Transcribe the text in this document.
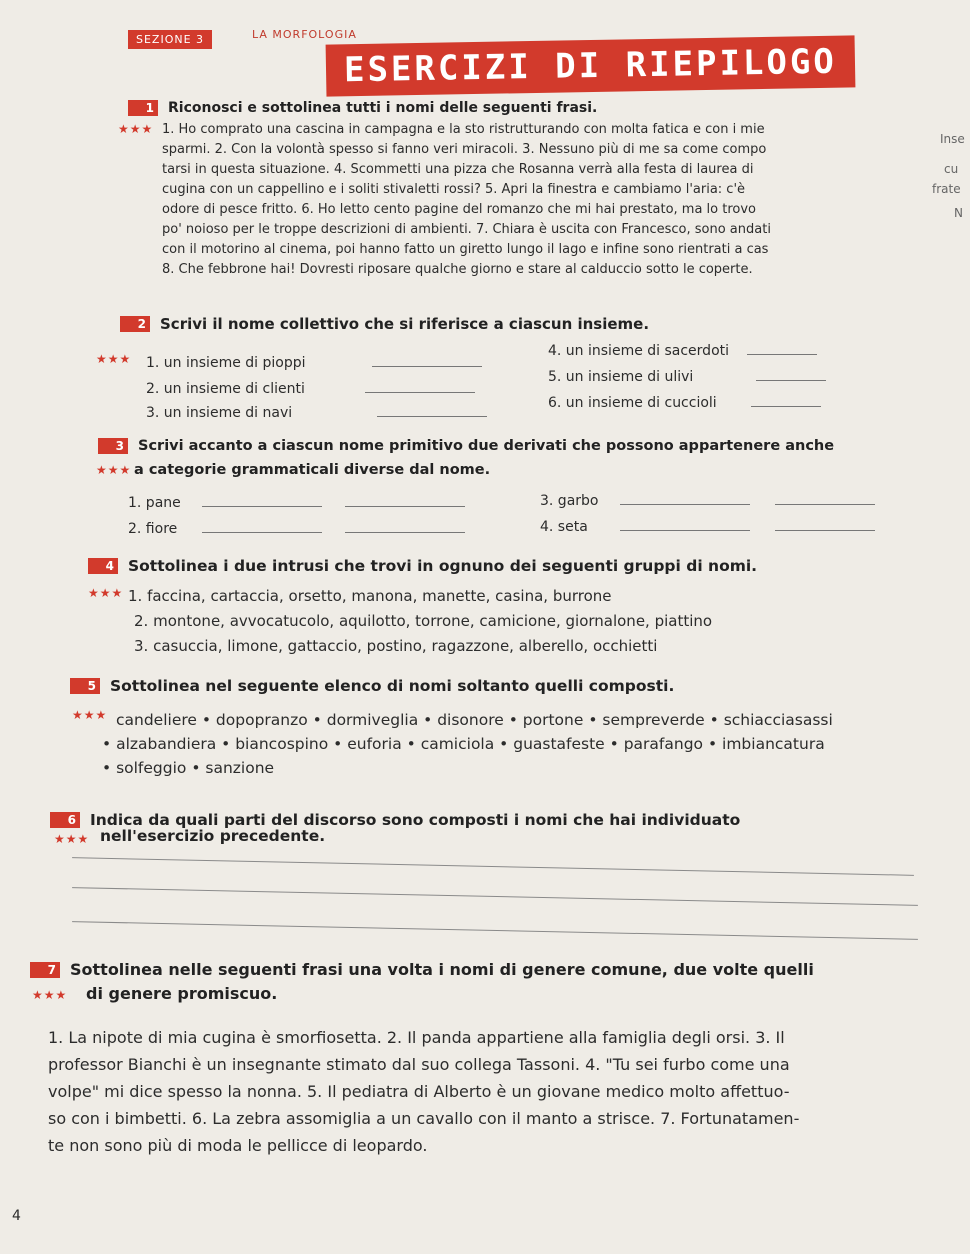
SEZIONE 3	LA MORFOLOGIA
ESERCIZI DI RIEPILOGO
1 Riconosci e sottolinea tutti i nomi delle seguenti frasi.
★★★ 1. Ho comprato una cascina in campagna e la sto ristrutturando con molta fatica e con i mie
sparmi. 2. Con la volontà spesso si fanno veri miracoli. 3. Nessuno più di me sa come compo
tarsi in questa situazione. 4. Scommetti una pizza che Rosanna verrà alla festa di laurea di
cugina con un cappellino e i soliti stivaletti rossi? 5. Apri la finestra e cambiamo l'aria: c'è
odore di pesce fritto. 6. Ho letto cento pagine del romanzo che mi hai prestato, ma lo trovo
po' noioso per le troppe descrizioni di ambienti. 7. Chiara è uscita con Francesco, sono andati
con il motorino al cinema, poi hanno fatto un giretto lungo il lago e infine sono rientrati a cas
8. Che febbrone hai! Dovresti riposare qualche giorno e stare al calduccio sotto le coperte.
Inse
cu
frate
N
2 Scrivi il nome collettivo che si riferisce a ciascun insieme.
★★★ 1. un insieme di pioppi
2. un insieme di clienti
3. un insieme di navi
4. un insieme di sacerdoti
5. un insieme di ulivi
6. un insieme di cuccioli
3 Scrivi accanto a ciascun nome primitivo due derivati che possono appartenere anche
★★★ a categorie grammaticali diverse dal nome.
1. pane
2. fiore
3. garbo
4. seta
4 Sottolinea i due intrusi che trovi in ognuno dei seguenti gruppi di nomi.
★★★ 1. faccina, cartaccia, orsetto, manona, manette, casina, burrone
2. montone, avvocatucolo, aquilotto, torrone, camicione, giornalone, piattino
3. casuccia, limone, gattaccio, postino, ragazzone, alberello, occhietti
5 Sottolinea nel seguente elenco di nomi soltanto quelli composti.
★★★ candeliere • dopopranzo • dormiveglia • disonore • portone • sempreverde • schiacciasassi
• alzabandiera • biancospino • euforia • camiciola • guastafeste • parafango • imbiancatura
• solfeggio • sanzione
6 Indica da quali parti del discorso sono composti i nomi che hai individuato
★★★ nell'esercizio precedente.
7 Sottolinea nelle seguenti frasi una volta i nomi di genere comune, due volte quelli
★★★ di genere promiscuo.
1. La nipote di mia cugina è smorfiosetta. 2. Il panda appartiene alla famiglia degli orsi. 3. Il
professor Bianchi è un insegnante stimato dal suo collega Tassoni. 4. "Tu sei furbo come una
volpe" mi dice spesso la nonna. 5. Il pediatra di Alberto è un giovane medico molto affettuo-
so con i bimbetti. 6. La zebra assomiglia a un cavallo con il manto a strisce. 7. Fortunatamen-
te non sono più di moda le pellicce di leopardo.
4
